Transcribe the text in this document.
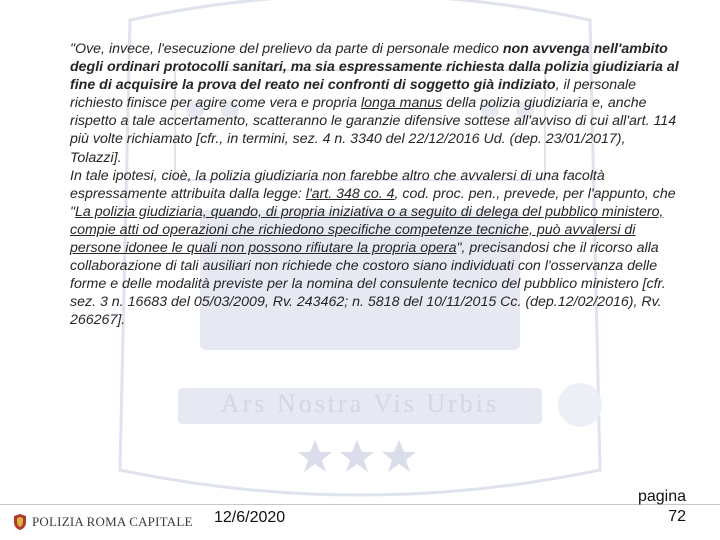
Ars Nostra Vis Urbis

"Ove, invece, l'esecuzione del prelievo da parte di personale medico non avvenga nell'ambito degli ordinari protocolli sanitari, ma sia espressamente richiesta dalla polizia giudiziaria al fine di acquisire la prova del reato nei confronti di soggetto già indiziato, il personale richiesto finisce per agire come vera e propria longa manus della polizia giudiziaria e, anche rispetto a tale accertamento, scatteranno le garanzie difensive sottese all'avviso di cui all'art. 114 più volte richiamato [cfr., in termini, sez. 4 n. 3340 del 22/12/2016 Ud. (dep. 23/01/2017), Tolazzi].

In tale ipotesi, cioè, la polizia giudiziaria non farebbe altro che avvalersi di una facoltà espressamente attribuita dalla legge: l'art. 348 co. 4, cod. proc. pen., prevede, per l'appunto, che "La polizia giudiziaria, quando, di propria iniziativa o a seguito di delega del pubblico ministero, compie atti od operazioni che richiedono specifiche competenze tecniche, può avvalersi di persone idonee le quali non possono rifiutare la propria opera", precisandosi che il ricorso alla collaborazione di tali ausiliari non richiede che costoro siano individuati con l'osservanza delle forme e delle modalità previste per la nomina del consulente tecnico del pubblico ministero [cfr. sez. 3 n. 16683 del 05/03/2009, Rv. 243462; n. 5818 del 10/11/2015 Cc. (dep.12/02/2016), Rv. 266267].

POLIZIA ROMA CAPITALE 12/6/2020
pagina
72
